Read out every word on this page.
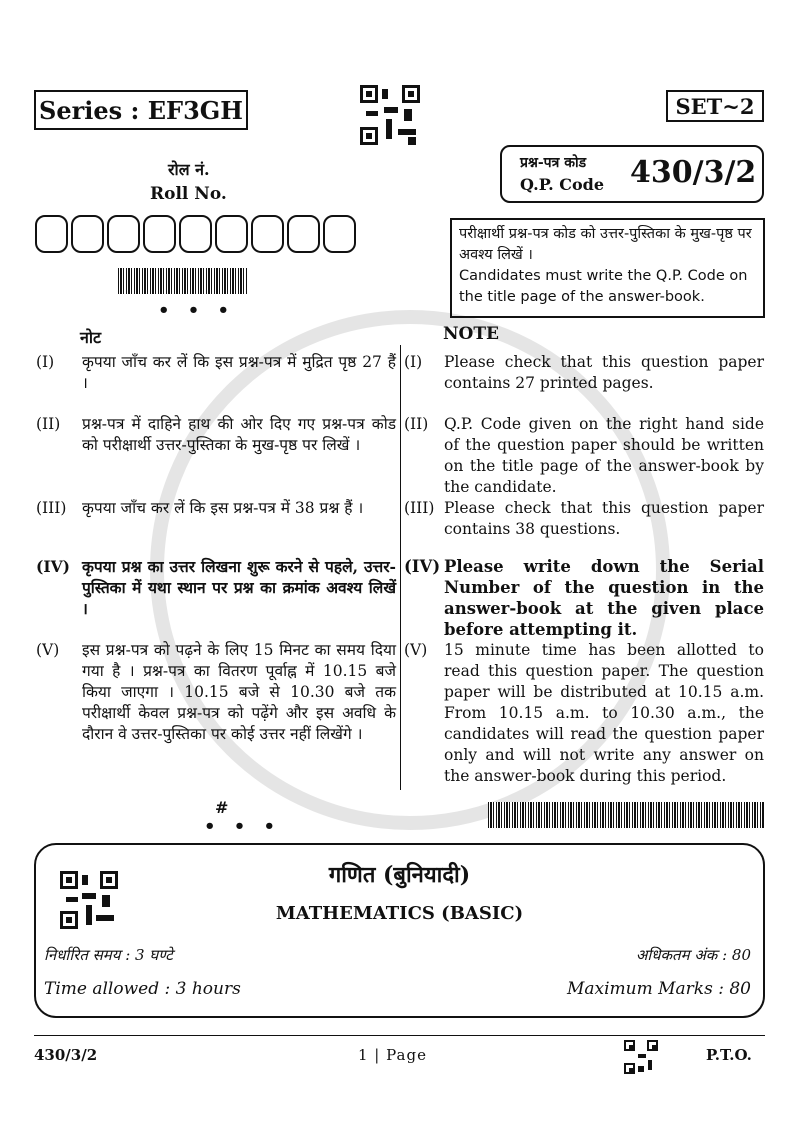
Series : EF3GH	SET~2
रोल नं.
Roll No.
प्रश्न-पत्र कोड
Q.P. Code 430/3/2
• • •
परीक्षार्थी प्रश्न-पत्र कोड को उत्तर-पुस्तिका के मुख-पृष्ठ पर अवश्य लिखें ।
Candidates must write the Q.P. Code on the title page of the answer-book.
नोट	NOTE
(I) कृपया जाँच कर लें कि इस प्रश्न-पत्र में मुद्रित पृष्ठ 27 हैं ।
(II) प्रश्न-पत्र में दाहिने हाथ की ओर दिए गए प्रश्न-पत्र कोड को परीक्षार्थी उत्तर-पुस्तिका के मुख-पृष्ठ पर लिखें ।
(III) कृपया जाँच कर लें कि इस प्रश्न-पत्र में 38 प्रश्न हैं ।
(IV) कृपया प्रश्न का उत्तर लिखना शुरू करने से पहले, उत्तर-पुस्तिका में यथा स्थान पर प्रश्न का क्रमांक अवश्य लिखें ।
(V) इस प्रश्न-पत्र को पढ़ने के लिए 15 मिनट का समय दिया गया है । प्रश्न-पत्र का वितरण पूर्वाह्न में 10.15 बजे किया जाएगा । 10.15 बजे से 10.30 बजे तक परीक्षार्थी केवल प्रश्न-पत्र को पढ़ेंगे और इस अवधि के दौरान वे उत्तर-पुस्तिका पर कोई उत्तर नहीं लिखेंगे ।
(I) Please check that this question paper contains 27 printed pages.
(II) Q.P. Code given on the right hand side of the question paper should be written on the title page of the answer-book by the candidate.
(III) Please check that this question paper contains 38 questions.
(IV) Please write down the Serial Number of the question in the answer-book at the given place before attempting it.
(V) 15 minute time has been allotted to read this question paper. The question paper will be distributed at 10.15 a.m. From 10.15 a.m. to 10.30 a.m., the candidates will read the question paper only and will not write any answer on the answer-book during this period.
#
• • •
गणित (बुनियादी)
MATHEMATICS (BASIC)
निर्धारित समय : 3 घण्टे	अधिकतम अंक : 80
Time allowed : 3 hours	Maximum Marks : 80
430/3/2	1 | Page	P.T.O.
